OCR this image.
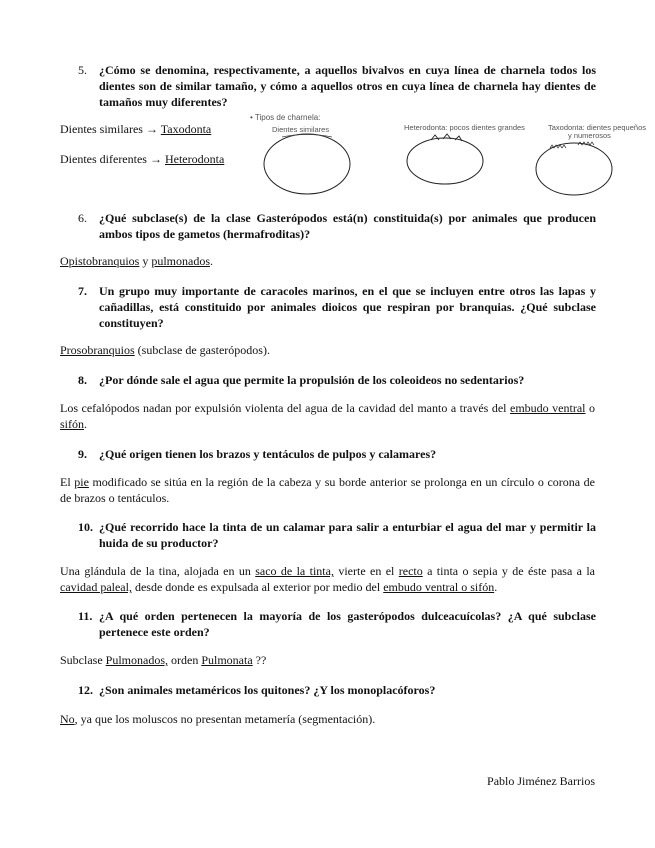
5.	¿Cómo se denomina, respectivamente, a aquellos bivalvos en cuya línea de charnela todos los dientes son de similar tamaño, y cómo a aquellos otros en cuya línea de charnela hay dientes de tamaños muy diferentes?
Dientes similares → Taxodonta
Dientes diferentes → Heterodonta
• Tipos de charnela:
Dientes similares	Heterodonta: pocos dientes grandes	Taxodonta: dientes pequeños
y numerosos
6.	¿Qué subclase(s) de la clase Gasterópodos está(n) constituida(s) por animales que producen ambos tipos de gametos (hermafroditas)?
Opistobranquios y pulmonados.
7.	Un grupo muy importante de caracoles marinos, en el que se incluyen entre otros las lapas y cañadillas, está constituido por animales dioicos que respiran por branquias. ¿Qué subclase constituyen?
Prosobranquios (subclase de gasterópodos).
8.	¿Por dónde sale el agua que permite la propulsión de los coleoideos no sedentarios?
Los cefalópodos nadan por expulsión violenta del agua de la cavidad del manto a través del embudo ventral o sifón.
9.	¿Qué origen tienen los brazos y tentáculos de pulpos y calamares?
El pie modificado se sitúa en la región de la cabeza y su borde anterior se prolonga en un círculo o corona de de brazos o tentáculos.
10. ¿Qué recorrido hace la tinta de un calamar para salir a enturbiar el agua del mar y permitir la huida de su productor?
Una glándula de la tina, alojada en un saco de la tinta, vierte en el recto a tinta o sepia y de éste pasa a la cavidad paleal, desde donde es expulsada al exterior por medio del embudo ventral o sifón.
11. ¿A qué orden pertenecen la mayoría de los gasterópodos dulceacuícolas? ¿A qué subclase pertenece este orden?
Subclase Pulmonados, orden Pulmonata ??
12. ¿Son animales metaméricos los quitones? ¿Y los monoplacóforos?
No, ya que los moluscos no presentan metamería (segmentación).
Pablo Jiménez Barrios
